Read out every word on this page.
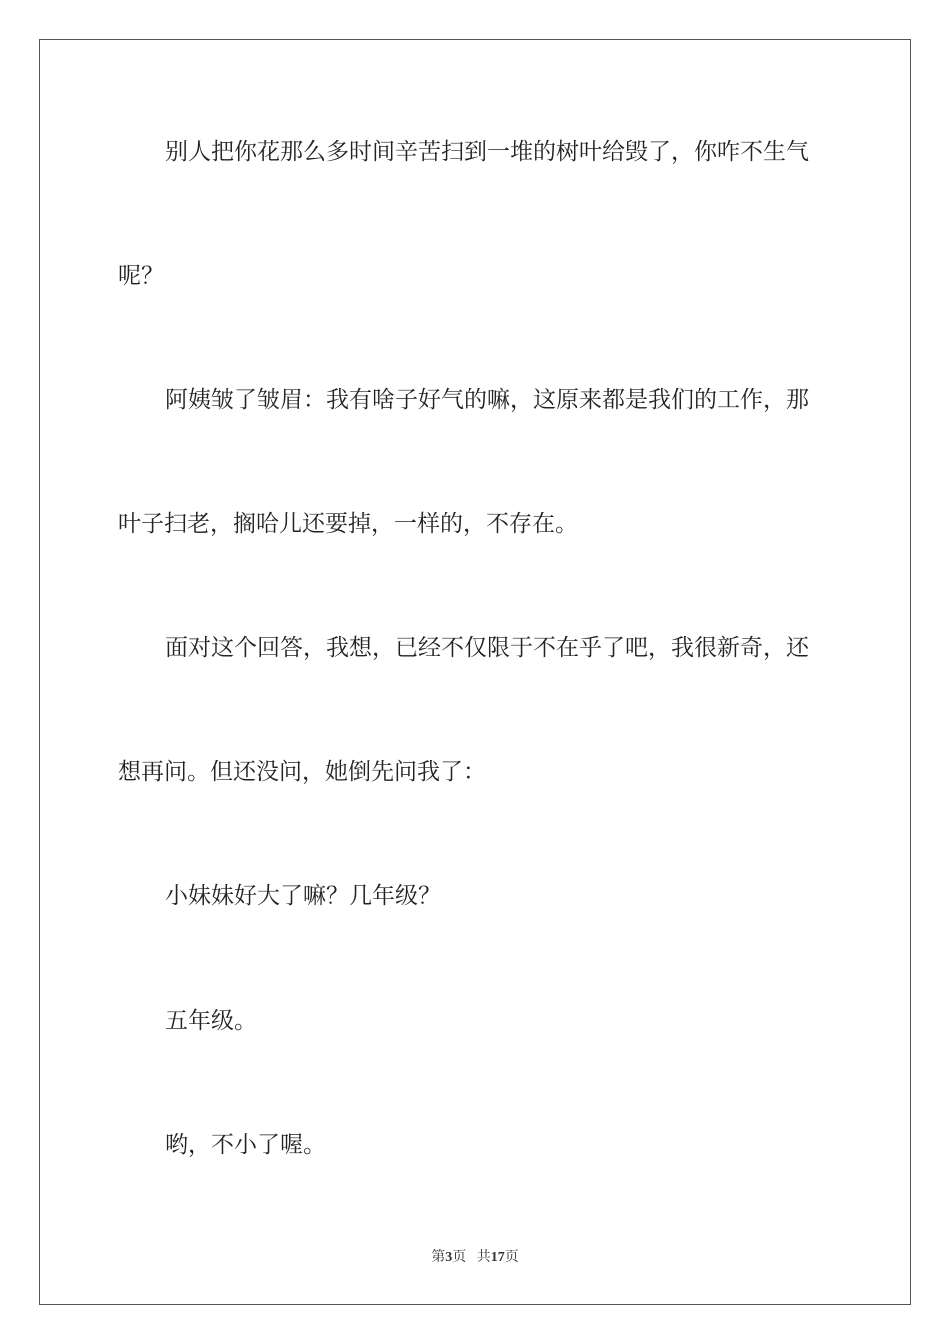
别人把你花那么多时间辛苦扫到一堆的树叶给毁了，你咋不生气

呢？

阿姨皱了皱眉：我有啥子好气的嘛，这原来都是我们的工作，那

叶子扫老，搁哈儿还要掉，一样的，不存在。

面对这个回答，我想，已经不仅限于不在乎了吧，我很新奇，还

想再问。但还没问，她倒先问我了：

小妹妹好大了嘛？几年级？

五年级。

哟，不小了喔。

第3页 共17页
